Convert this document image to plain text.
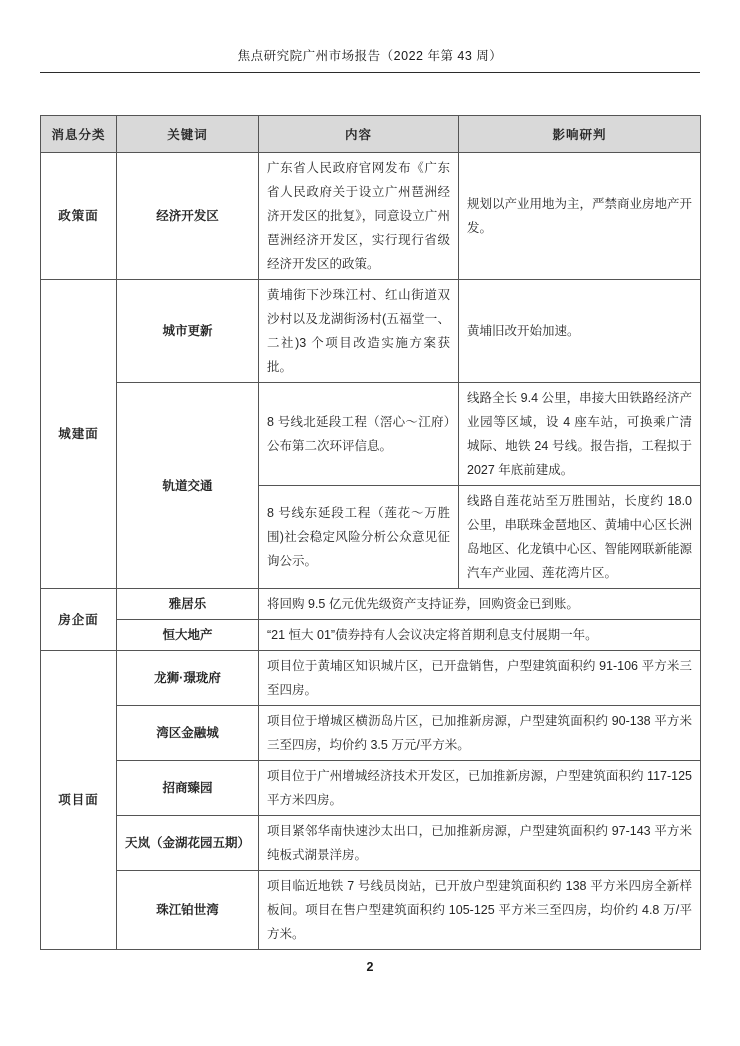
焦点研究院广州市场报告（2022 年第 43 周）
消息分类	关键词	内容	影响研判
政策面	经济开发区	广东省人民政府官网发布《广东省人民政府关于设立广州琶洲经济开发区的批复》，同意设立广州琶洲经济开发区，实行现行省级经济开发区的政策。	规划以产业用地为主，严禁商业房地产开发。
城建面	城市更新	黄埔街下沙珠江村、红山街道双沙村以及龙湖街汤村(五福堂一、二社)3 个项目改造实施方案获批。	黄埔旧改开始加速。
	轨道交通	8 号线北延段工程（滘心～江府）公布第二次环评信息。	线路全长 9.4 公里，串接大田铁路经济产业园等区域，设 4 座车站，可换乘广清城际、地铁 24 号线。报告指，工程拟于 2027 年底前建成。
		8 号线东延段工程（莲花～万胜围)社会稳定风险分析公众意见征询公示。	线路自莲花站至万胜围站，长度约 18.0 公里，串联珠金琶地区、黄埔中心区长洲岛地区、化龙镇中心区、智能网联新能源汽车产业园、莲花湾片区。
房企面	雅居乐	将回购 9.5 亿元优先级资产支持证券，回购资金已到账。	
	恒大地产	“21 恒大 01”债券持有人会议决定将首期利息支付展期一年。	
项目面	龙狮·璟珑府	项目位于黄埔区知识城片区，已开盘销售，户型建筑面积约 91-106 平方米三至四房。	
	湾区金融城	项目位于增城区横沥岛片区，已加推新房源，户型建筑面积约 90-138 平方米三至四房，均价约 3.5 万元/平方米。	
	招商臻园	项目位于广州增城经济技术开发区，已加推新房源，户型建筑面积约 117-125 平方米四房。	
	天岚（金湖花园五期）	项目紧邻华南快速沙太出口，已加推新房源，户型建筑面积约 97-143 平方米纯板式湖景洋房。	
	珠江铂世湾	项目临近地铁 7 号线员岗站，已开放户型建筑面积约 138 平方米四房全新样板间。项目在售户型建筑面积约 105-125 平方米三至四房，均价约 4.8 万/平方米。	
2
